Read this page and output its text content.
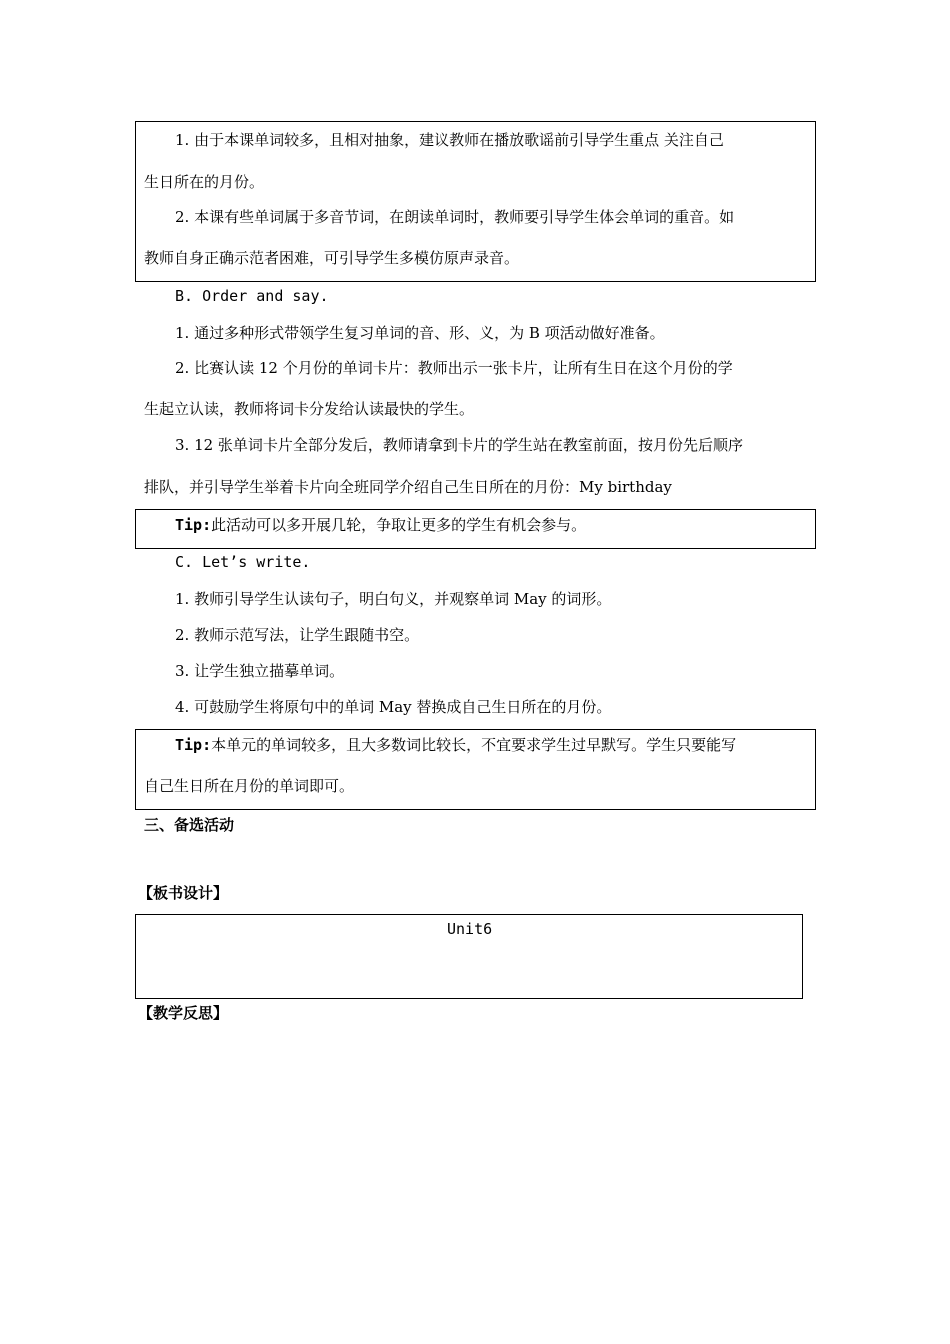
1. 由于本课单词较多，且相对抽象，建议教师在播放歌谣前引导学生重点 关注自己
生日所在的月份。
2. 本课有些单词属于多音节词，在朗读单词时，教师要引导学生体会单词的重音。如
教师自身正确示范者困难，可引导学生多模仿原声录音。
B. Order and say.
1. 通过多种形式带领学生复习单词的音、形、义，为 B 项活动做好准备。
2. 比赛认读 12 个月份的单词卡片：教师出示一张卡片，让所有生日在这个月份的学
生起立认读，教师将词卡分发给认读最快的学生。
3. 12 张单词卡片全部分发后，教师请拿到卡片的学生站在教室前面，按月份先后顺序
排队，并引导学生举着卡片向全班同学介绍自己生日所在的月份：My birthday
Tip:此活动可以多开展几轮，争取让更多的学生有机会参与。
C. Let’s write.
1. 教师引导学生认读句子，明白句义，并观察单词 May 的词形。
2. 教师示范写法，让学生跟随书空。
3. 让学生独立描摹单词。
4. 可鼓励学生将原句中的单词 May 替换成自己生日所在的月份。
Tip:本单元的单词较多，且大多数词比较长，不宜要求学生过早默写。学生只要能写
自己生日所在月份的单词即可。
三、备选活动
【板书设计】
Unit6
【教学反思】
